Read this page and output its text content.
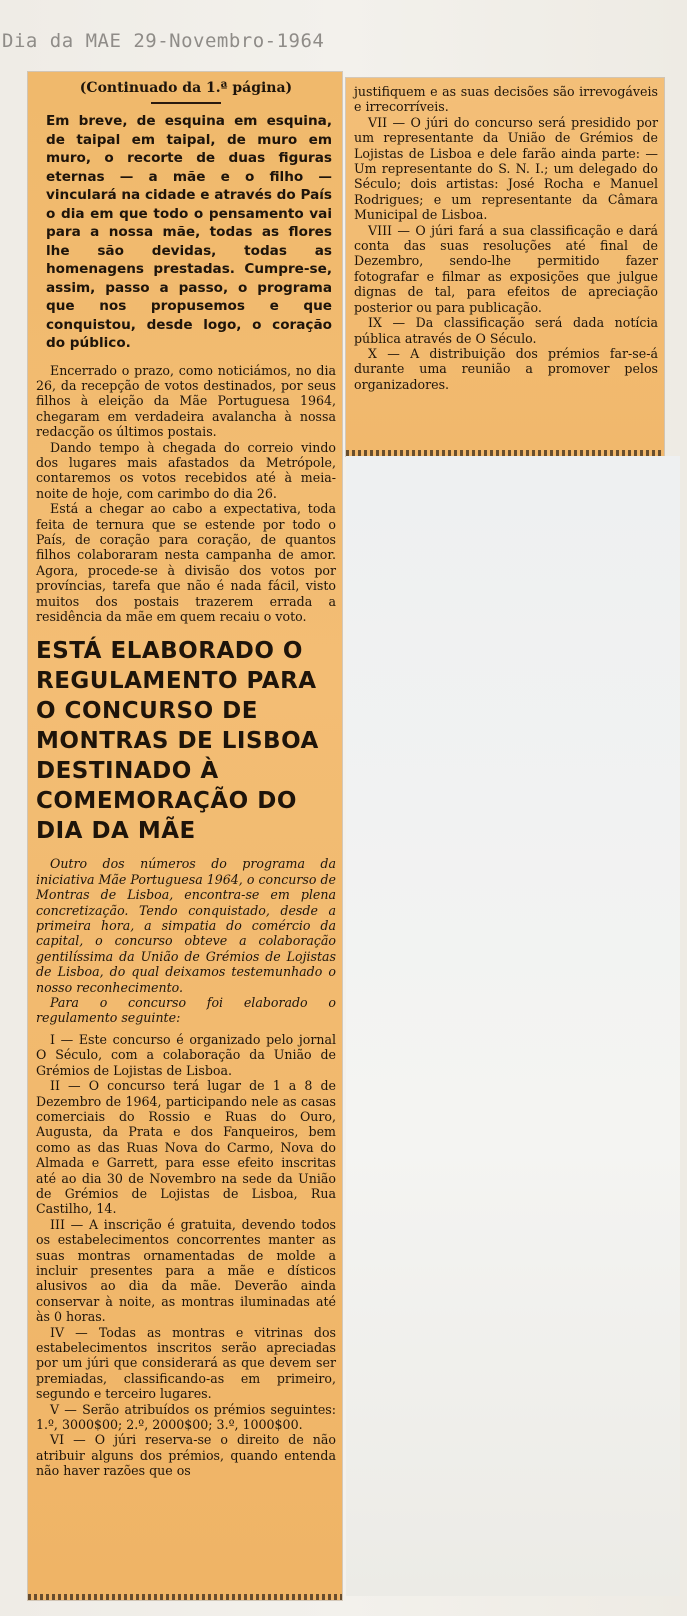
Dia da MAE 29-Novembro-1964

(Continuado da 1.ª página)

Em breve, de esquina em esquina, de taipal em taipal, de muro em muro, o recorte de duas figuras eternas — a mãe e o filho — vinculará na cidade e através do País o dia em que todo o pensamento vai para a nossa mãe, todas as flores lhe são devidas, todas as homenagens prestadas. Cumpre-se, assim, passo a passo, o programa que nos propusemos e que conquistou, desde logo, o coração do público.

Encerrado o prazo, como noticiámos, no dia 26, da recepção de votos destinados, por seus filhos à eleição da Mãe Portuguesa 1964, chegaram em verdadeira avalancha à nossa redacção os últimos postais.

Dando tempo à chegada do correio vindo dos lugares mais afastados da Metrópole, contaremos os votos recebidos até à meia-noite de hoje, com carimbo do dia 26.

Está a chegar ao cabo a expectativa, toda feita de ternura que se estende por todo o País, de coração para coração, de quantos filhos colaboraram nesta campanha de amor. Agora, procede-se à divisão dos votos por províncias, tarefa que não é nada fácil, visto muitos dos postais trazerem errada a residência da mãe em quem recaiu o voto.

ESTÁ ELABORADO O REGULAMENTO PARA O CONCURSO DE MONTRAS DE LISBOA DESTINADO À COMEMORAÇÃO DO DIA DA MÃE

Outro dos números do programa da iniciativa Mãe Portuguesa 1964, o concurso de Montras de Lisboa, encontra-se em plena concretização. Tendo conquistado, desde a primeira hora, a simpatia do comércio da capital, o concurso obteve a colaboração gentilíssima da União de Grémios de Lojistas de Lisboa, do qual deixamos testemunhado o nosso reconhecimento.

Para o concurso foi elaborado o regulamento seguinte:

I — Este concurso é organizado pelo jornal O Século, com a colaboração da União de Grémios de Lojistas de Lisboa.

II — O concurso terá lugar de 1 a 8 de Dezembro de 1964, participando nele as casas comerciais do Rossio e Ruas do Ouro, Augusta, da Prata e dos Fanqueiros, bem como as das Ruas Nova do Carmo, Nova do Almada e Garrett, para esse efeito inscritas até ao dia 30 de Novembro na sede da União de Grémios de Lojistas de Lisboa, Rua Castilho, 14.

III — A inscrição é gratuita, devendo todos os estabelecimentos concorrentes manter as suas montras ornamentadas de molde a incluir presentes para a mãe e dísticos alusivos ao dia da mãe. Deverão ainda conservar à noite, as montras iluminadas até às 0 horas.

IV — Todas as montras e vitrinas dos estabelecimentos inscritos serão apreciadas por um júri que considerará as que devem ser premiadas, classificando-as em primeiro, segundo e terceiro lugares.

V — Serão atribuídos os prémios seguintes: 1.º, 3000$00; 2.º, 2000$00; 3.º, 1000$00.

VI — O júri reserva-se o direito de não atribuir alguns dos prémios, quando entenda não haver razões que os

justifiquem e as suas decisões são irrevogáveis e irrecorríveis.

VII — O júri do concurso será presidido por um representante da União de Grémios de Lojistas de Lisboa e dele farão ainda parte: — Um representante do S. N. I.; um delegado do Século; dois artistas: José Rocha e Manuel Rodrigues; e um representante da Câmara Municipal de Lisboa.

VIII — O júri fará a sua classificação e dará conta das suas resoluções até final de Dezembro, sendo-lhe permitido fazer fotografar e filmar as exposições que julgue dignas de tal, para efeitos de apreciação posterior ou para publicação.

IX — Da classificação será dada notícia pública através de O Século.

X — A distribuição dos prémios far-se-á durante uma reunião a promover pelos organizadores.
